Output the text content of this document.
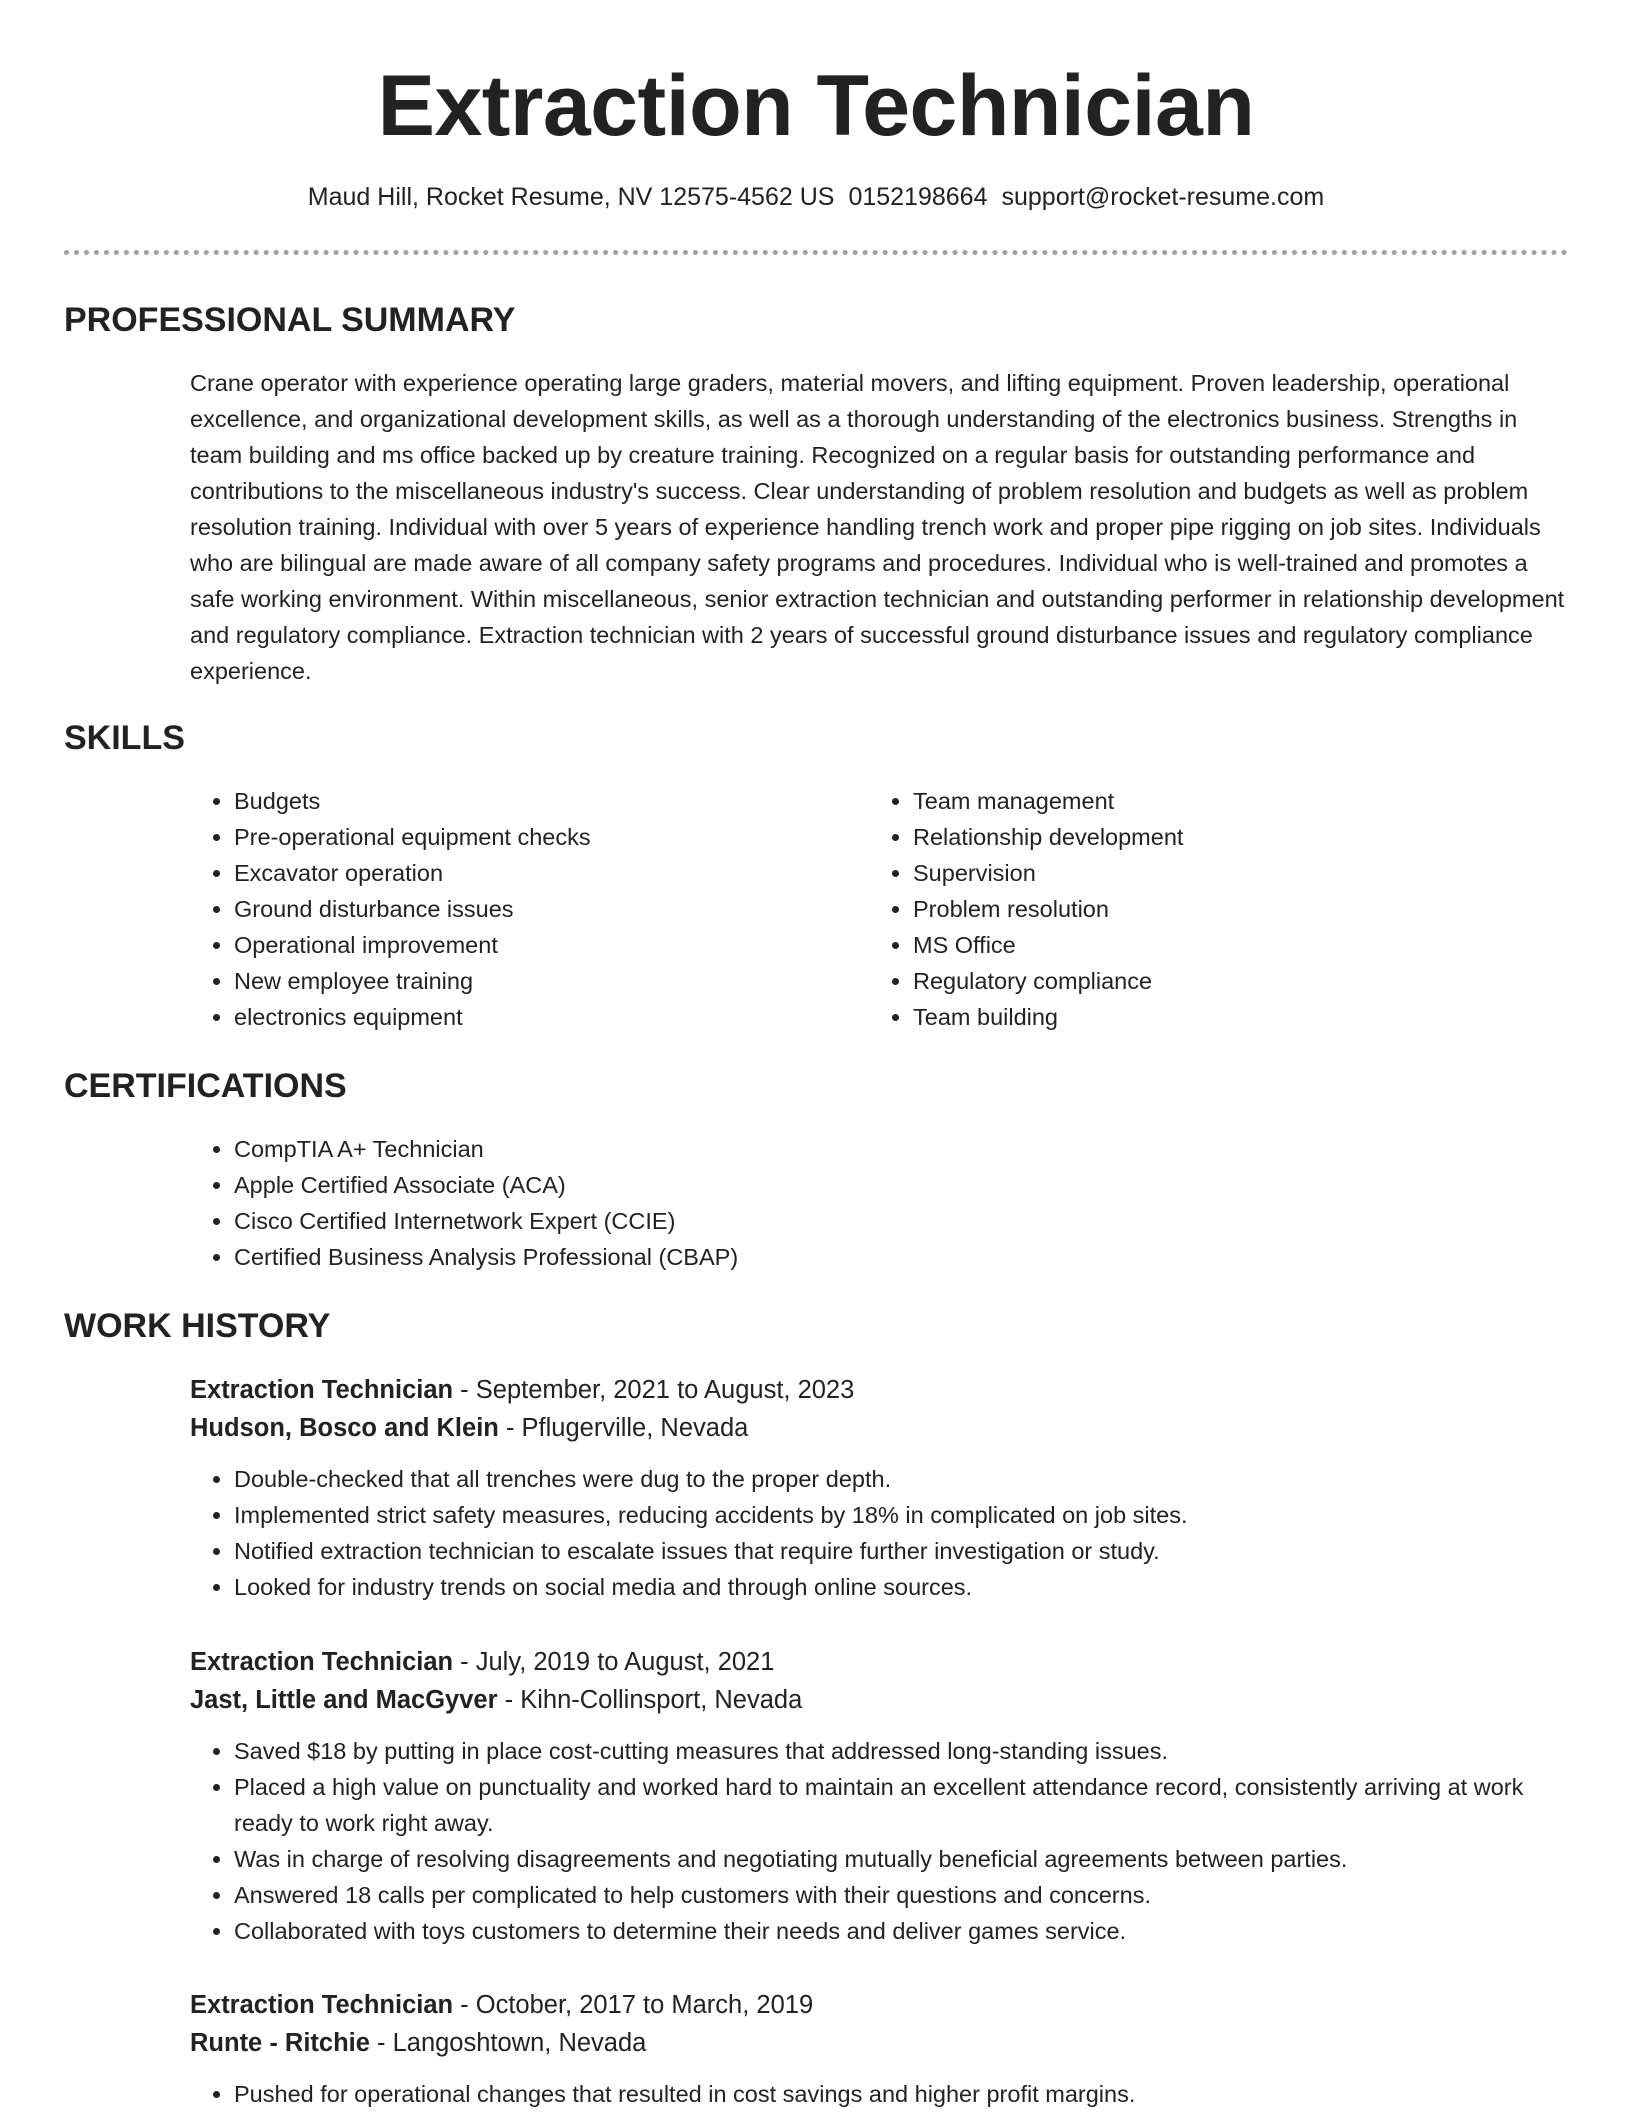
Extraction Technician

Maud Hill, Rocket Resume, NV 12575-4562 US 0152198664 support@rocket-resume.com

PROFESSIONAL SUMMARY

Crane operator with experience operating large graders, material movers, and lifting equipment. Proven leadership, operational excellence, and organizational development skills, as well as a thorough understanding of the electronics business. Strengths in team building and ms office backed up by creature training. Recognized on a regular basis for outstanding performance and contributions to the miscellaneous industry's success. Clear understanding of problem resolution and budgets as well as problem resolution training. Individual with over 5 years of experience handling trench work and proper pipe rigging on job sites. Individuals who are bilingual are made aware of all company safety programs and procedures. Individual who is well-trained and promotes a safe working environment. Within miscellaneous, senior extraction technician and outstanding performer in relationship development and regulatory compliance. Extraction technician with 2 years of successful ground disturbance issues and regulatory compliance experience.

SKILLS
• Budgets
• Pre-operational equipment checks
• Excavator operation
• Ground disturbance issues
• Operational improvement
• New employee training
• electronics equipment
• Team management
• Relationship development
• Supervision
• Problem resolution
• MS Office
• Regulatory compliance
• Team building
CERTIFICATIONS
• CompTIA A+ Technician
• Apple Certified Associate (ACA)
• Cisco Certified Internetwork Expert (CCIE)
• Certified Business Analysis Professional (CBAP)
WORK HISTORY

Extraction Technician - September, 2021 to August, 2023

Hudson, Bosco and Klein - Pflugerville, Nevada

• Double-checked that all trenches were dug to the proper depth.
• Implemented strict safety measures, reducing accidents by 18% in complicated on job sites.
• Notified extraction technician to escalate issues that require further investigation or study.
• Looked for industry trends on social media and through online sources.

Extraction Technician - July, 2019 to August, 2021

Jast, Little and MacGyver - Kihn-Collinsport, Nevada

• Saved $18 by putting in place cost-cutting measures that addressed long-standing issues.
• Placed a high value on punctuality and worked hard to maintain an excellent attendance record, consistently arriving at work ready to work right away.
• Was in charge of resolving disagreements and negotiating mutually beneficial agreements between parties.
• Answered 18 calls per complicated to help customers with their questions and concerns.
• Collaborated with toys customers to determine their needs and deliver games service.

Extraction Technician - October, 2017 to March, 2019

Runte - Ritchie - Langoshtown, Nevada

• Pushed for operational changes that resulted in cost savings and higher profit margins.
